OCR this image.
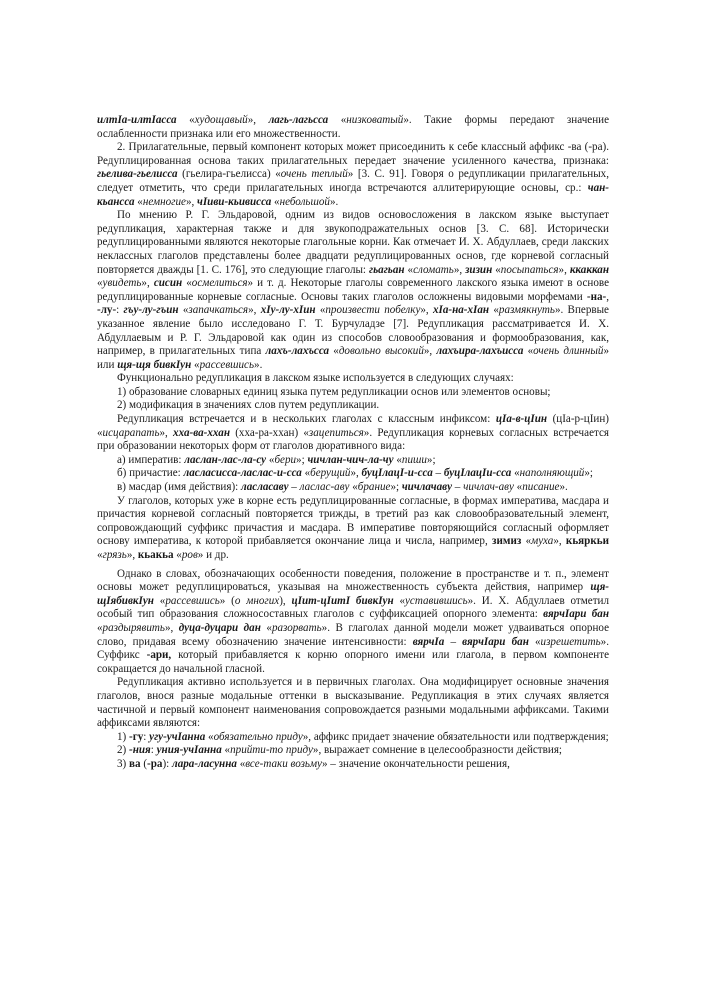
илтІа-илтІасса «худощавый», лагь-лагьсса «низковатый». Такие формы передают значение ослабленности признака или его множественности.

2. Прилагательные, первый компонент которых может присоединить к себе классный аффикс -ва (-ра). Редуплицированная основа таких прилагательных передает значение усиленного качества, признака: гьелива-гьелисса (гьелира-гьелисса) «очень теплый» [3. С. 91]. Говоря о редупликации прилагательных, следует отметить, что среди прилагательных иногда встречаются аллитерирующие основы, ср.: чан-кьансса «немногие», чІиви-кьивисса «небольшой».

По мнению Р. Г. Эльдаровой, одним из видов основосложения в лакском языке выступает редупликация, характерная также и для звукоподражательных основ [3. С. 68]. Исторически редуплицированными являются некоторые глагольные корни. Как отмечает И. Х. Абдуллаев, среди лакских неклассных глаголов представлены более двадцати редуплицированных основ, где корневой согласный повторяется дважды [1. С. 176], это следующие глаголы: гьагьан «сломать», зизин «посыпаться», ккаккан «увидеть», сисин «осмелиться» и т. д. Некоторые глаголы современного лакского языка имеют в основе редуплицированные корневые согласные. Основы таких глаголов осложнены видовыми морфемами -на-, -лу-: гъу-лу-гъин «запачкаться», хІу-лу-хІин «произвести побелку», хІа-на-хІан «размякнуть». Впервые указанное явление было исследовано Г. Т. Бурчуладзе [7]. Редупликация рассматривается И. Х. Абдуллаевым и Р. Г. Эльдаровой как один из способов словообразования и формообразования, как, например, в прилагательных типа лахъ-лахъсса «довольно высокий», лахъира-лахъисса «очень длинный» или щя-щя бивкІун «рассевшись».

Функционально редупликация в лакском языке используется в следующих случаях:

1) образование словарных единиц языка путем редупликации основ или элементов основы;

2) модификация в значениях слов путем редупликации.

Редупликация встречается и в нескольких глаголах с классным инфиксом: цІа-в-цІин (цІа-р-цІин) «исцарапать», хха-ва-ххан (хха-ра-ххан) «зацепиться». Редупликация корневых согласных встречается при образовании некоторых форм от глаголов дюративного вида:

а) императив: ласлан-лас-ла-су «бери»; чичлан-чич-ла-чу «пиши»;

б) причастие: ласласисса-ласлас-и-сса «берущий», буцІлацІ-и-сса – буцІлацІи-сса «наполняющий»;

в) масдар (имя действия): ласласаву – ласлас-аву «брание»; чичлачаву – чичлач-аву «писание».

У глаголов, которых уже в корне есть редуплицированные согласные, в формах императива, масдара и причастия корневой согласный повторяется трижды, в третий раз как словообразовательный элемент, сопровождающий суффикс причастия и масдара. В императиве повторяющийся согласный оформляет основу императива, к которой прибавляется окончание лица и числа, например, зимиз «муха», кьяркьи «грязь», кьакьа «ров» и др.

Однако в словах, обозначающих особенности поведения, положение в пространстве и т. п., элемент основы может редуплицироваться, указывая на множественность субъекта действия, например щя-щІябивкІун «рассевшись» (о многих), цІит-цІитІ бивкІун «уставившись». И. Х. Абдуллаев отметил особый тип образования сложносоставных глаголов с суффиксацией опорного элемента: вярчІари бан «раздырявить», дуца-дуцари дан «разорвать». В глаголах данной модели может удваиваться опорное слово, придавая всему обозначению значение интенсивности: вярчІа – вярчІари бан «изрешетить». Суффикс -ари, который прибавляется к корню опорного имени или глагола, в первом компоненте сокращается до начальной гласной.

Редупликация активно используется и в первичных глаголах. Она модифицирует основные значения глаголов, внося разные модальные оттенки в высказывание. Редупликация в этих случаях является частичной и первый компонент наименования сопровождается разными модальными аффиксами. Такими аффиксами являются:

1) -гу: угу-учІанна «обязательно приду», аффикс придает значение обязательности или подтверждения;

2) -ния: уния-учІанна «прийти-то приду», выражает сомнение в целесообразности действия;

3) ва (-ра): лара-ласунна «все-таки возьму» – значение окончательности решения,
